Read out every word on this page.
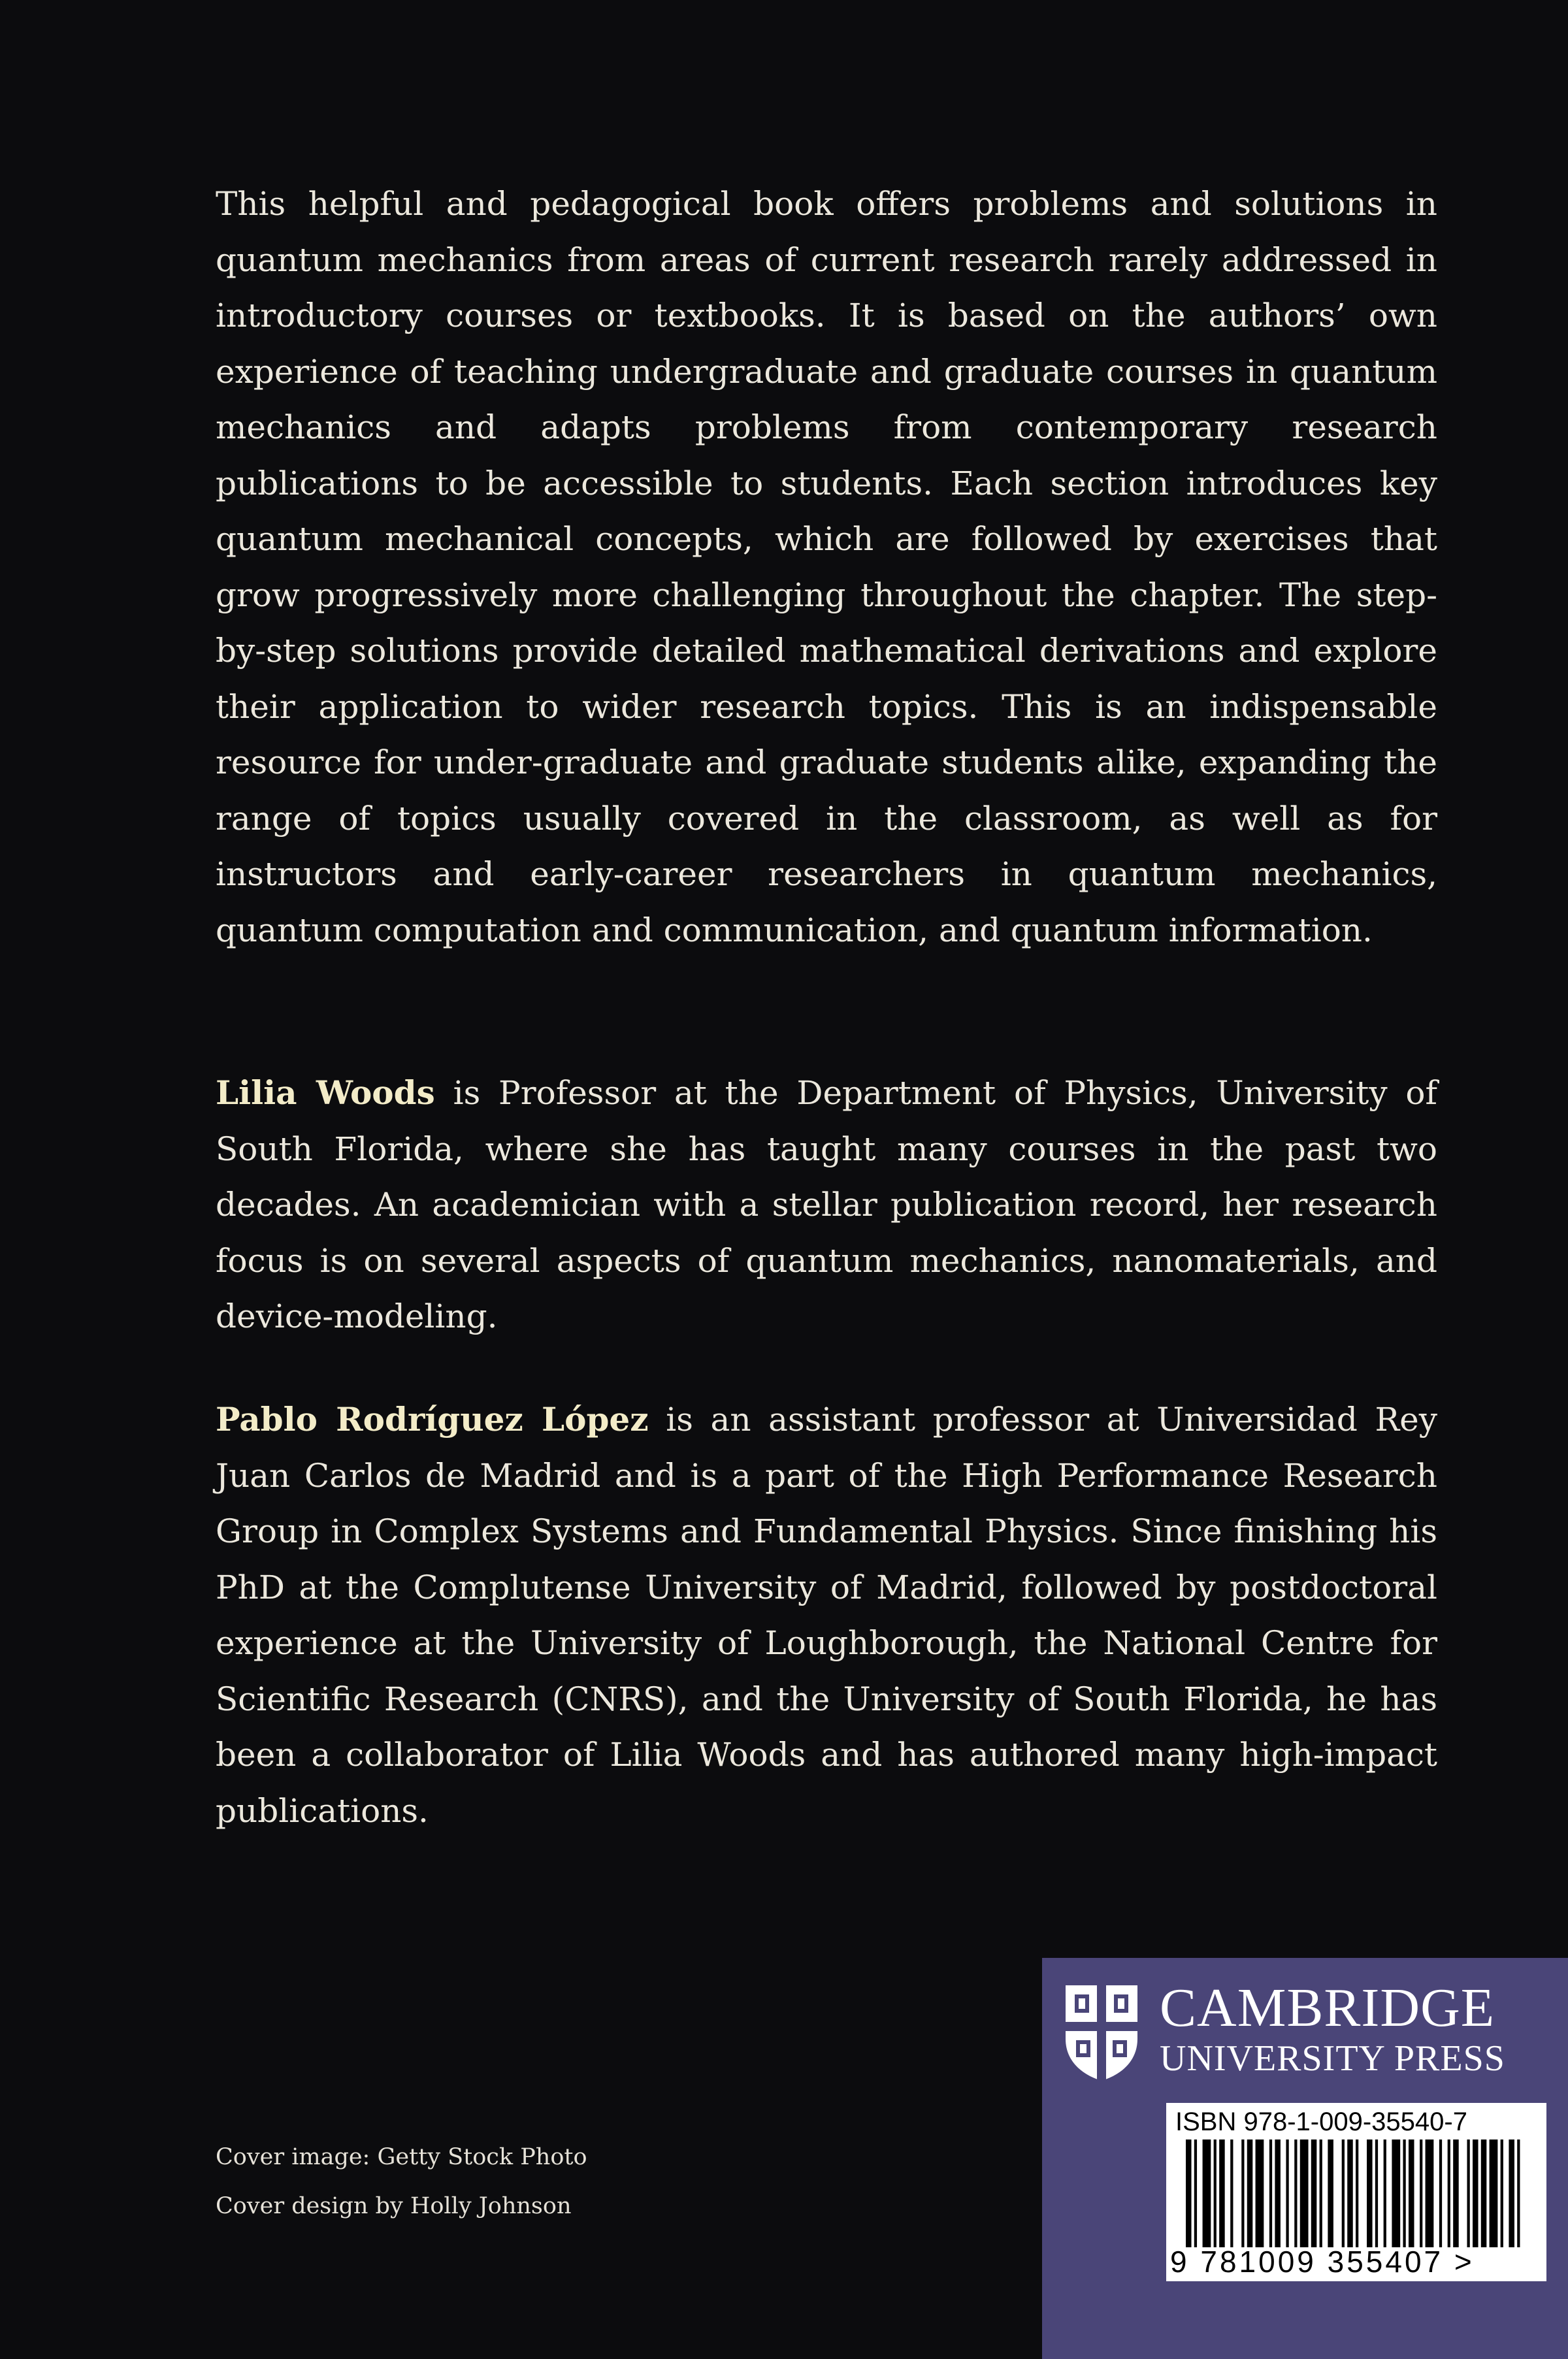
This helpful and pedagogical book offers problems and solutions in quantum mechanics from areas of current research rarely addressed in introductory courses or textbooks. It is based on the authors’ own experience of teaching undergraduate and graduate courses in quantum mechanics and adapts problems from contemporary research publications to be accessible to students. Each section introduces key quantum mechanical concepts, which are followed by exercises that grow progressively more challenging throughout the chapter. The step-by-step solutions provide detailed mathematical derivations and explore their application to wider research topics. This is an indispensable resource for under-graduate and graduate students alike, expanding the range of topics usually covered in the classroom, as well as for instructors and early-career researchers in quantum mechanics, quantum computation and communication, and quantum information.

Lilia Woods is Professor at the Department of Physics, University of South Florida, where she has taught many courses in the past two decades. An academician with a stellar publication record, her research focus is on several aspects of quantum mechanics, nanomaterials, and device-modeling.

Pablo Rodríguez López is an assistant professor at Universidad Rey Juan Carlos de Madrid and is a part of the High Performance Research Group in Complex Systems and Fundamental Physics. Since finishing his PhD at the Complutense University of Madrid, followed by postdoctoral experience at the University of Loughborough, the National Centre for Scientific Research (CNRS), and the University of South Florida, he has been a collaborator of Lilia Woods and has authored many high-impact publications.

Cover image: Getty Stock Photo
Cover design by Holly Johnson
CAMBRIDGE
UNIVERSITY PRESS
ISBN 978-1-009-35540-7
9 781009 355407 >
